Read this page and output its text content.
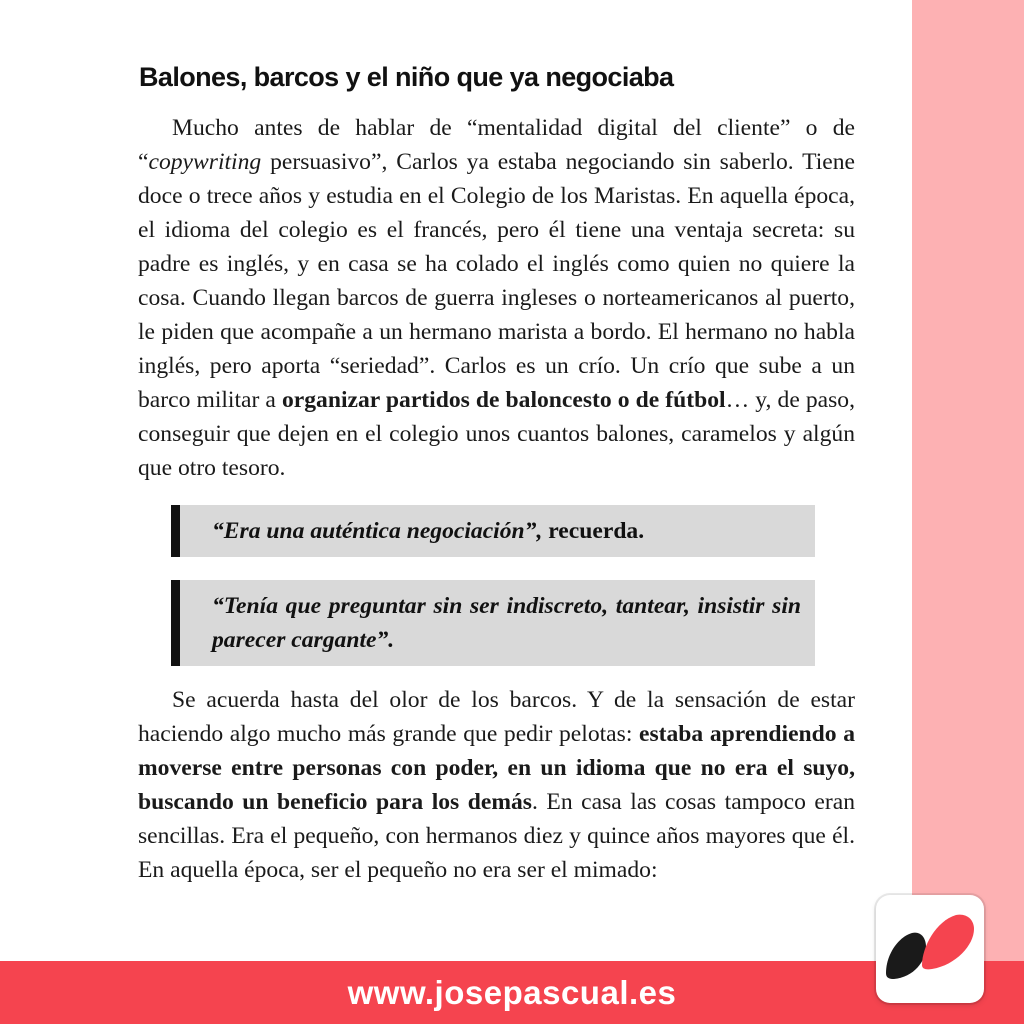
Balones, barcos y el niño que ya negociaba

Mucho antes de hablar de “mentalidad digital del cliente” o de “copywriting persuasivo”, Carlos ya estaba negociando sin saberlo. Tiene doce o trece años y estudia en el Colegio de los Maristas. En aquella época, el idioma del colegio es el francés, pero él tiene una ventaja secreta: su padre es inglés, y en casa se ha colado el inglés como quien no quiere la cosa. Cuando llegan barcos de guerra ingleses o norteamericanos al puerto, le piden que acompañe a un hermano marista a bordo. El hermano no habla inglés, pero aporta “seriedad”. Carlos es un crío. Un crío que sube a un barco militar a organizar partidos de baloncesto o de fútbol… y, de paso, conseguir que dejen en el colegio unos cuantos balones, caramelos y algún que otro tesoro.

“Era una auténtica negociación”, recuerda.
“Tenía que preguntar sin ser indiscreto, tantear, insistir sin parecer cargante”.

Se acuerda hasta del olor de los barcos. Y de la sensación de estar haciendo algo mucho más grande que pedir pelotas: estaba aprendiendo a moverse entre personas con poder, en un idioma que no era el suyo, buscando un beneficio para los demás. En casa las cosas tampoco eran sencillas. Era el pequeño, con hermanos diez y quince años mayores que él. En aquella época, ser el pequeño no era ser el mimado:

www.josepascual.es
